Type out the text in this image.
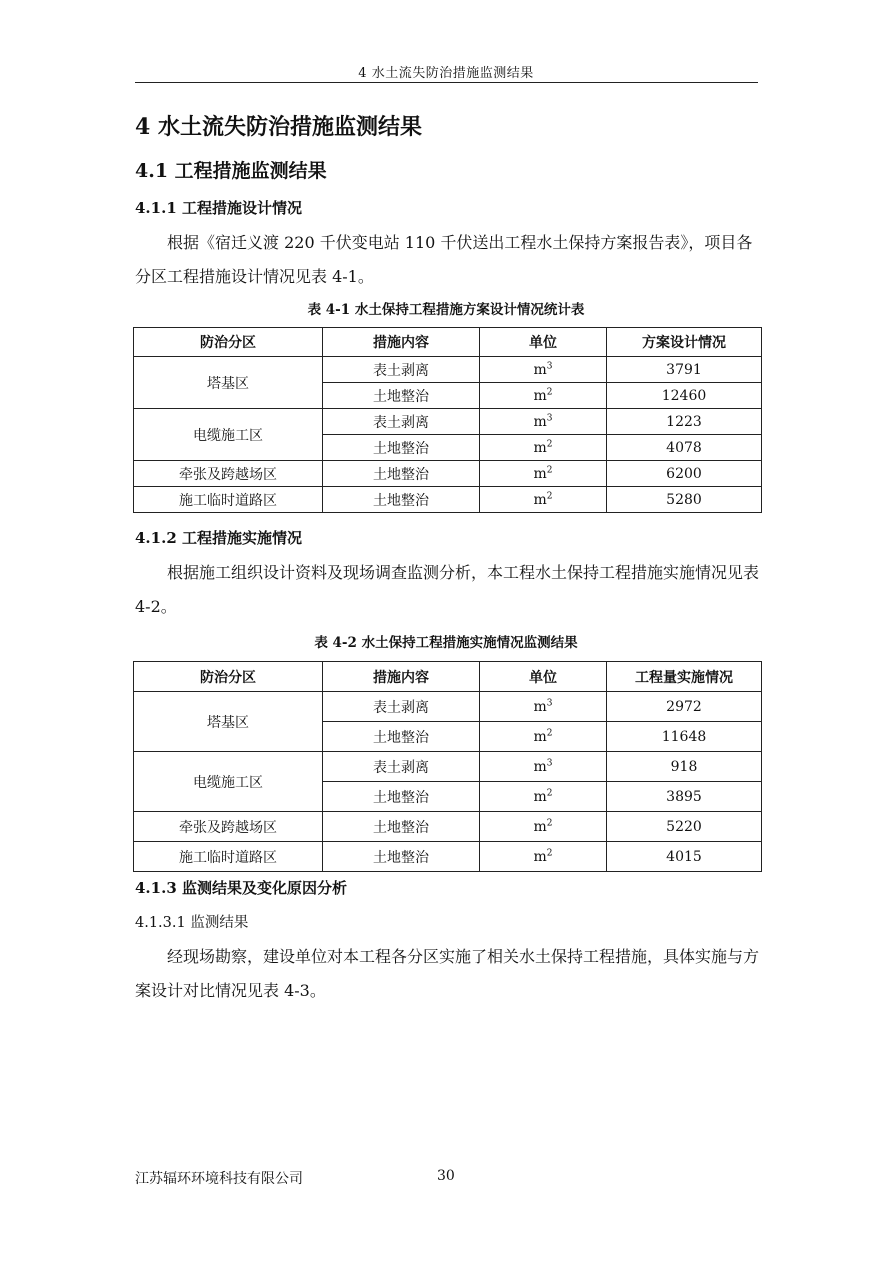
4 水土流失防治措施监测结果
4 水土流失防治措施监测结果
4.1 工程措施监测结果
4.1.1 工程措施设计情况
根据《宿迁义渡 220 千伏变电站 110 千伏送出工程水土保持方案报告表》，项目各分区工程措施设计情况见表 4-1。
表 4-1 水土保持工程措施方案设计情况统计表
防治分区	措施内容	单位	方案设计情况
塔基区	表土剥离	$m^3$	3791
	土地整治	$m^2$	12460
电缆施工区	表土剥离	$m^3$	1223
	土地整治	$m^2$	4078
牵张及跨越场区	土地整治	$m^2$	6200
施工临时道路区	土地整治	$m^2$	5280
4.1.2 工程措施实施情况
根据施工组织设计资料及现场调查监测分析，本工程水土保持工程措施实施情况见表 4-2。
表 4-2 水土保持工程措施实施情况监测结果
防治分区	措施内容	单位	工程量实施情况
塔基区	表土剥离	$m^3$	2972
	土地整治	$m^2$	11648
电缆施工区	表土剥离	$m^3$	918
	土地整治	$m^2$	3895
牵张及跨越场区	土地整治	$m^2$	5220
施工临时道路区	土地整治	$m^2$	4015
4.1.3 监测结果及变化原因分析
4.1.3.1 监测结果
经现场勘察，建设单位对本工程各分区实施了相关水土保持工程措施，具体实施与方案设计对比情况见表 4-3。
江苏辐环环境科技有限公司	30
